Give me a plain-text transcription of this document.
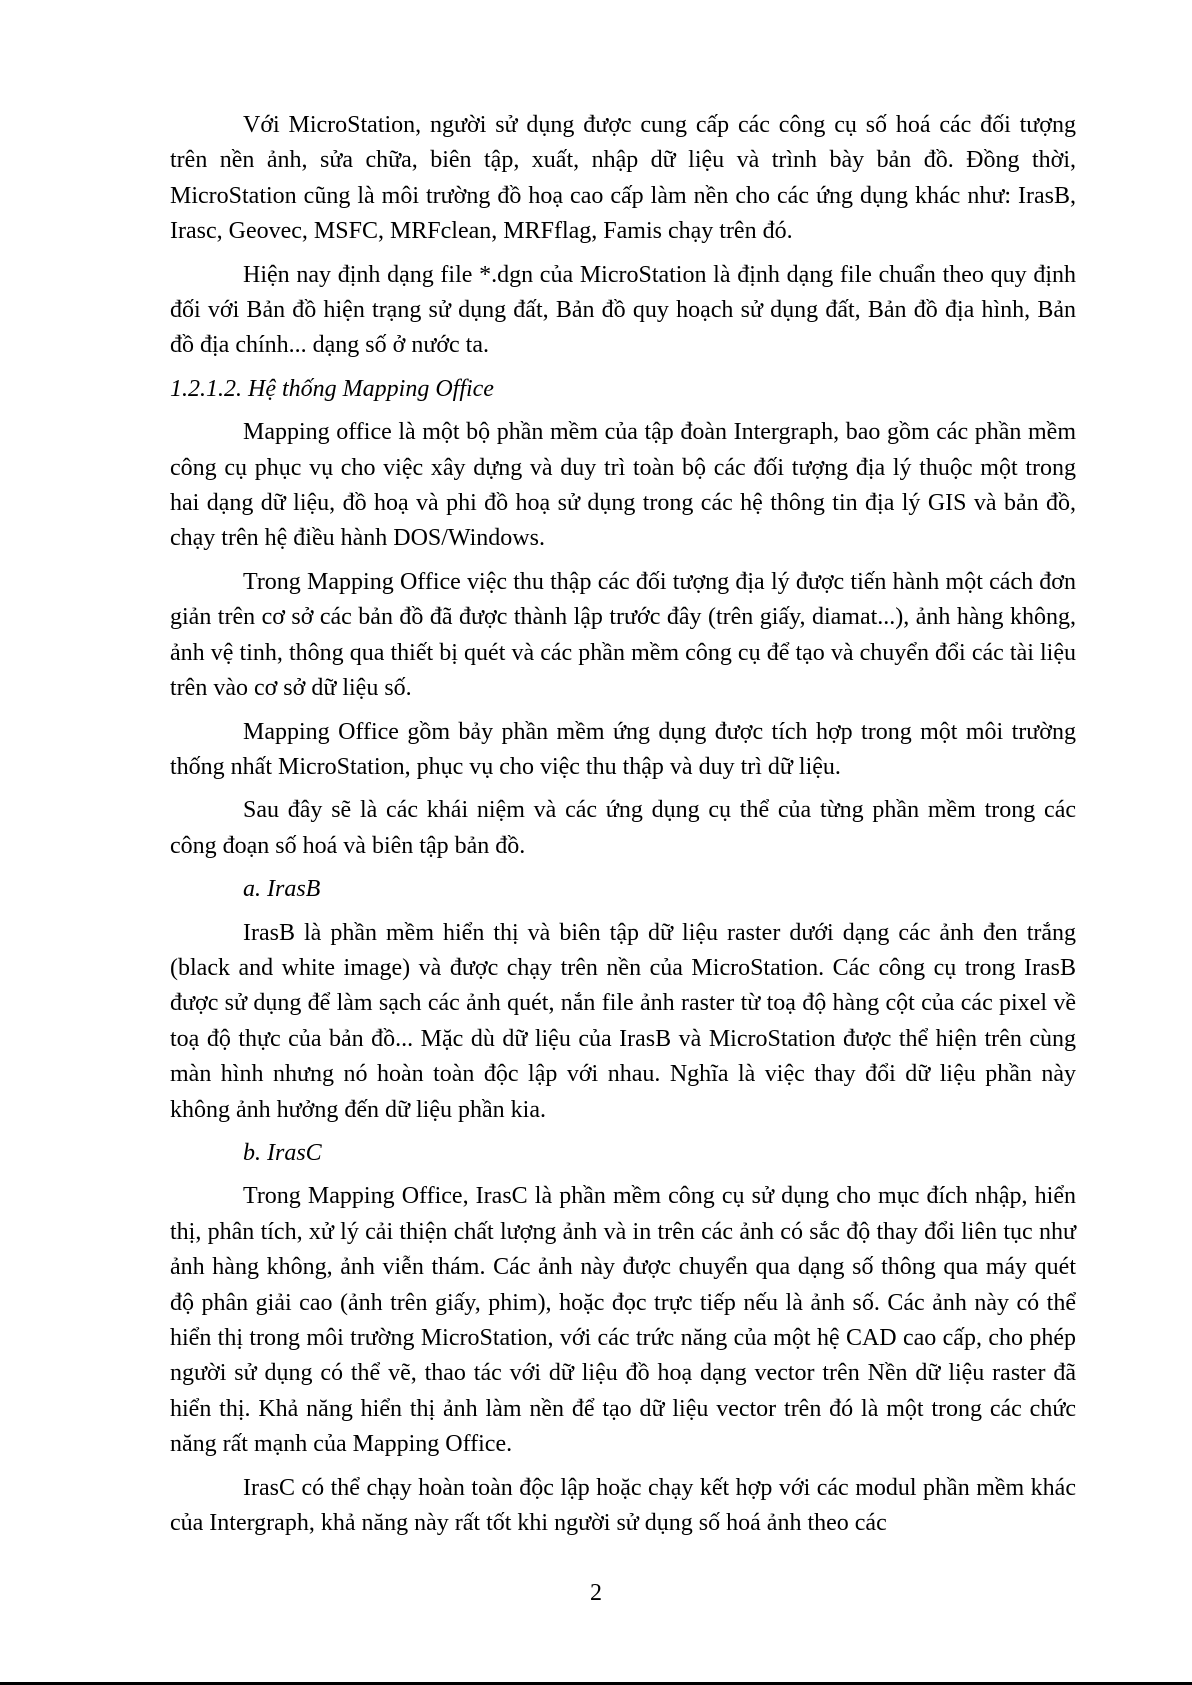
Với MicroStation, người sử dụng được cung cấp các công cụ số hoá các đối tượng trên nền ảnh, sửa chữa, biên tập, xuất, nhập dữ liệu và trình bày bản đồ. Đồng thời, MicroStation cũng là môi trường đồ hoạ cao cấp làm nền cho các ứng dụng khác như: IrasB, Irasc, Geovec, MSFC, MRFclean, MRFflag, Famis chạy trên đó.

Hiện nay định dạng file *.dgn của MicroStation là định dạng file chuẩn theo quy định đối với Bản đồ hiện trạng sử dụng đất, Bản đồ quy hoạch sử dụng đất, Bản đồ địa hình, Bản đồ địa chính... dạng số ở nước ta.

1.2.1.2. Hệ thống Mapping Office

Mapping office là một bộ phần mềm của tập đoàn Intergraph, bao gồm các phần mềm công cụ phục vụ cho việc xây dựng và duy trì toàn bộ các đối tượng địa lý thuộc một trong hai dạng dữ liệu, đồ hoạ và phi đồ hoạ sử dụng trong các hệ thông tin địa lý GIS và bản đồ, chạy trên hệ điều hành DOS/Windows.

Trong Mapping Office việc thu thập các đối tượng địa lý được tiến hành một cách đơn giản trên cơ sở các bản đồ đã được thành lập trước đây (trên giấy, diamat...), ảnh hàng không, ảnh vệ tinh, thông qua thiết bị quét và các phần mềm công cụ để tạo và chuyển đổi các tài liệu trên vào cơ sở dữ liệu số.

Mapping Office gồm bảy phần mềm ứng dụng được tích hợp trong một môi trường thống nhất MicroStation, phục vụ cho việc thu thập và duy trì dữ liệu.

Sau đây sẽ là các khái niệm và các ứng dụng cụ thể của từng phần mềm trong các công đoạn số hoá và biên tập bản đồ.

a. IrasB

IrasB là phần mềm hiển thị và biên tập dữ liệu raster dưới dạng các ảnh đen trắng (black and white image) và được chạy trên nền của MicroStation. Các công cụ trong IrasB được sử dụng để làm sạch các ảnh quét, nắn file ảnh raster từ toạ độ hàng cột của các pixel về toạ độ thực của bản đồ... Mặc dù dữ liệu của IrasB và MicroStation được thể hiện trên cùng màn hình nhưng nó hoàn toàn độc lập với nhau. Nghĩa là việc thay đổi dữ liệu phần này không ảnh hưởng đến dữ liệu phần kia.

b. IrasC

Trong Mapping Office, IrasC là phần mềm công cụ sử dụng cho mục đích nhập, hiển thị, phân tích, xử lý cải thiện chất lượng ảnh và in trên các ảnh có sắc độ thay đổi liên tục như ảnh hàng không, ảnh viễn thám. Các ảnh này được chuyển qua dạng số thông qua máy quét độ phân giải cao (ảnh trên giấy, phim), hoặc đọc trực tiếp nếu là ảnh số. Các ảnh này có thể hiển thị trong môi trường MicroStation, với các trức năng của một hệ CAD cao cấp, cho phép người sử dụng có thể vẽ, thao tác với dữ liệu đồ hoạ dạng vector trên Nền dữ liệu raster đã hiển thị. Khả năng hiển thị ảnh làm nền để tạo dữ liệu vector trên đó là một trong các chức năng rất mạnh của Mapping Office.

IrasC có thể chạy hoàn toàn độc lập hoặc chạy kết hợp với các modul phần mềm khác của Intergraph, khả năng này rất tốt khi người sử dụng số hoá ảnh theo các

2
